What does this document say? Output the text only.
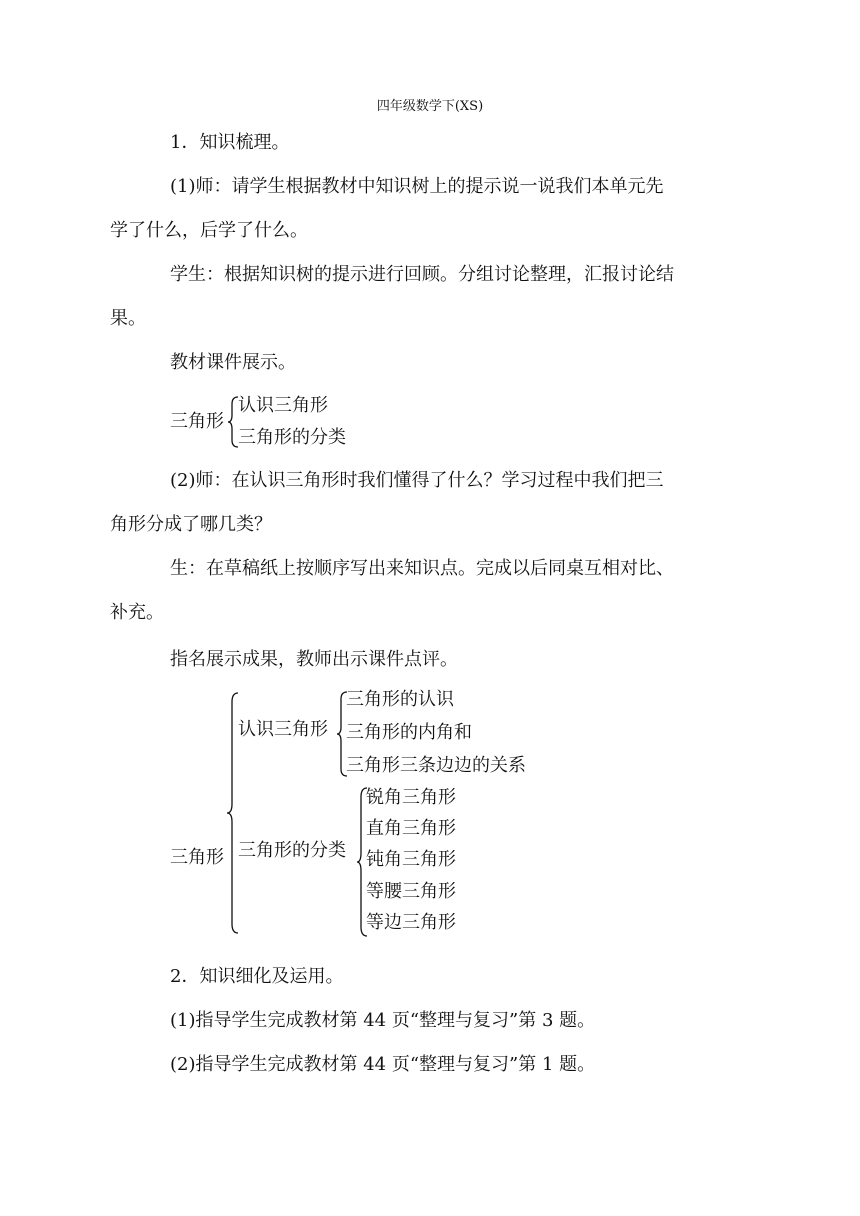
四年级数学下(XS)
1．知识梳理。
(1)师：请学生根据教材中知识树上的提示说一说我们本单元先
学了什么，后学了什么。
学生：根据知识树的提示进行回顾。分组讨论整理，汇报讨论结
果。
教材课件展示。
三角形
认识三角形
三角形的分类
(2)师：在认识三角形时我们懂得了什么？学习过程中我们把三
角形分成了哪几类？
生：在草稿纸上按顺序写出来知识点。完成以后同桌互相对比、
补充。
指名展示成果，教师出示课件点评。
三角形
认识三角形
三角形的认识
三角形的内角和
三角形三条边边的关系
三角形的分类
锐角三角形
直角三角形
钝角三角形
等腰三角形
等边三角形
2．知识细化及运用。
(1)指导学生完成教材第 44 页“整理与复习”第 3 题。
(2)指导学生完成教材第 44 页“整理与复习”第 1 题。
